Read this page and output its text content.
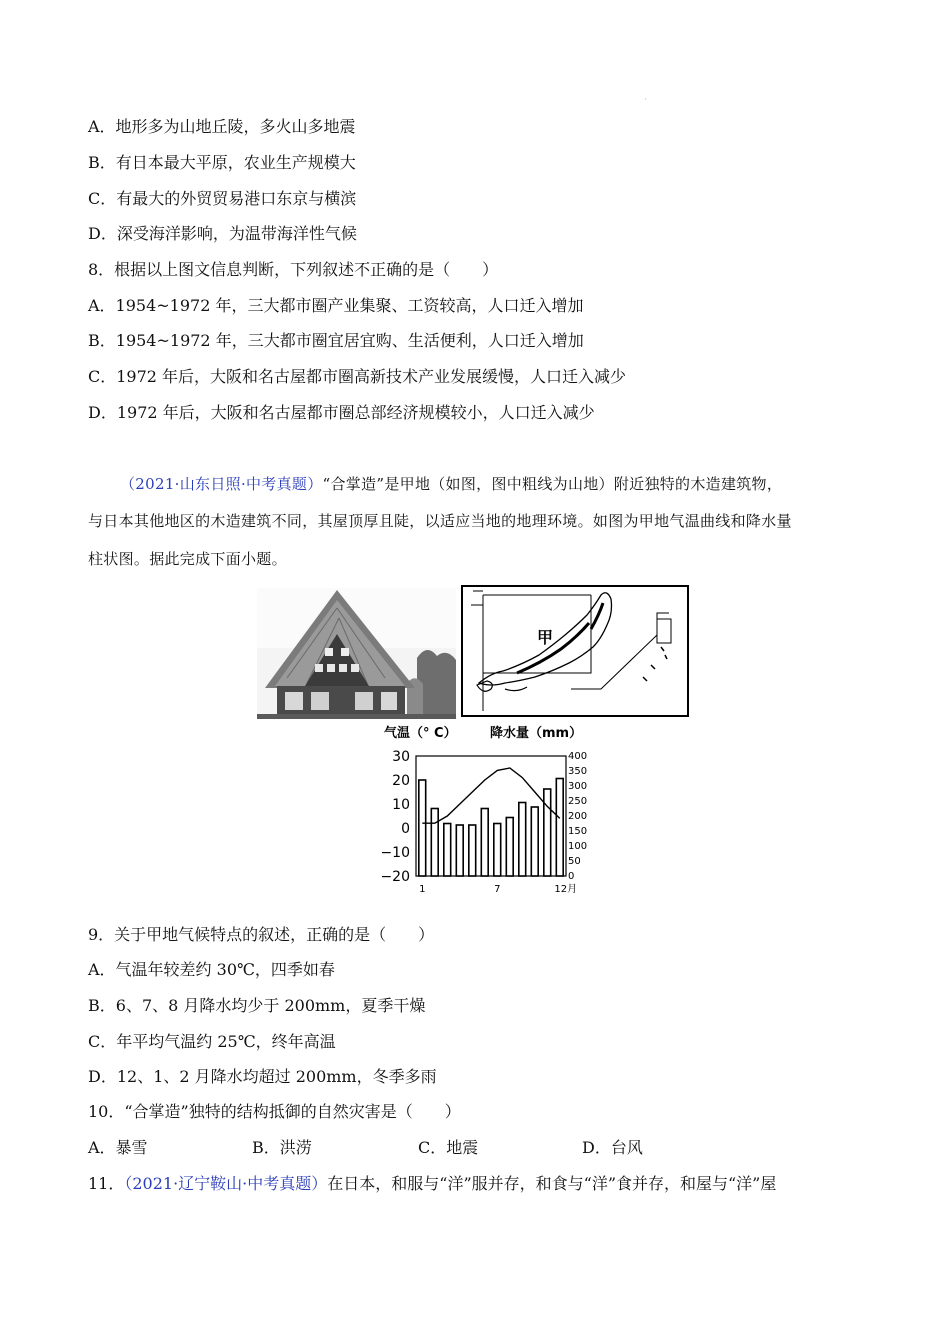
'
A．地形多为山地丘陵，多火山多地震
B．有日本最大平原，农业生产规模大
C．有最大的外贸贸易港口东京与横滨
D．深受海洋影响，为温带海洋性气候
8．根据以上图文信息判断，下列叙述不正确的是（　　）
A．1954~1972 年，三大都市圈产业集聚、工资较高，人口迁入增加
B．1954~1972 年，三大都市圈宜居宜购、生活便利，人口迁入增加
C．1972 年后，大阪和名古屋都市圈高新技术产业发展缓慢，人口迁入减少
D．1972 年后，大阪和名古屋都市圈总部经济规模较小，人口迁入减少
（2021·山东日照·中考真题）“合掌造”是甲地（如图，图中粗线为山地）附近独特的木造建筑物，
与日本其他地区的木造建筑不同，其屋顶厚且陡，以适应当地的地理环境。如图为甲地气温曲线和降水量
柱状图。据此完成下面小题。
甲
气温（° C）	降水量（mm）
30
20
10
0
−10
−20
400
350
300
250
200
150
100
50
0
1	7	12月
9．关于甲地气候特点的叙述，正确的是（　　）
A．气温年较差约 30℃，四季如春
B．6、7、8 月降水均少于 200mm，夏季干燥
C．年平均气温约 25℃，终年高温
D．12、1、2 月降水均超过 200mm，冬季多雨
10．“合掌造”独特的结构抵御的自然灾害是（　　）
A．暴雪	B．洪涝	C．地震	D．台风
11．（2021·辽宁鞍山·中考真题）在日本，和服与“洋”服并存，和食与“洋”食并存，和屋与“洋”屋
